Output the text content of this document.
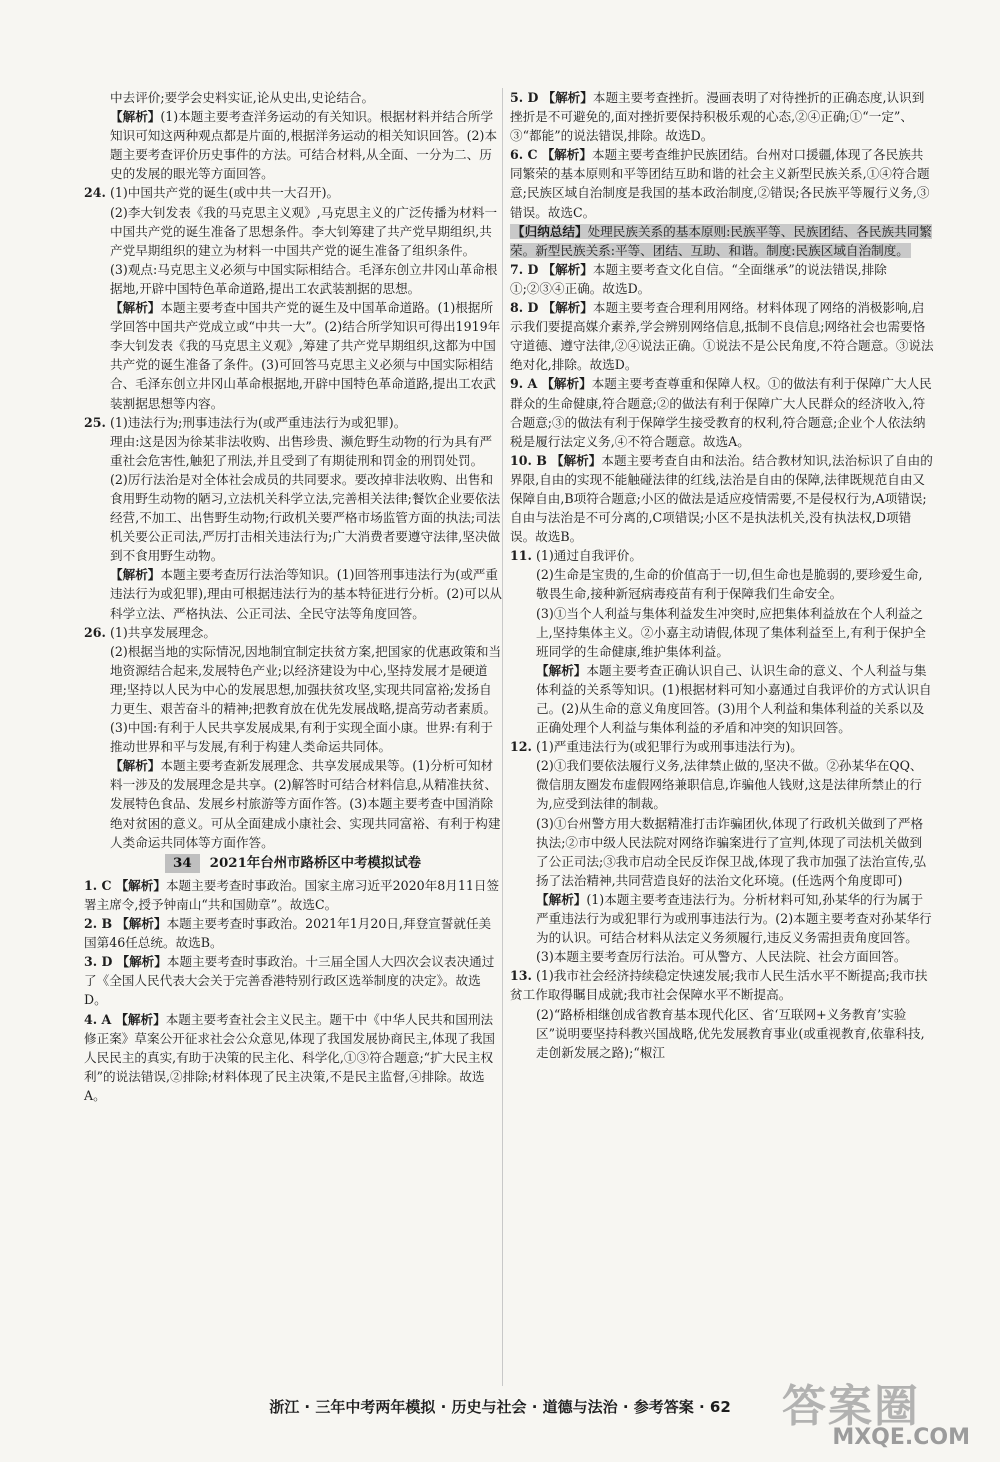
中去评价;要学会史料实证,论从史出,史论结合。

【解析】(1)本题主要考查洋务运动的有关知识。根据材料并结合所学知识可知这两种观点都是片面的,根据洋务运动的相关知识回答。(2)本题主要考查评价历史事件的方法。可结合材料,从全面、一分为二、历史的发展的眼光等方面回答。

24. (1)中国共产党的诞生(或中共一大召开)。

(2)李大钊发表《我的马克思主义观》,马克思主义的广泛传播为材料一中国共产党的诞生准备了思想条件。李大钊筹建了共产党早期组织,共产党早期组织的建立为材料一中国共产党的诞生准备了组织条件。

(3)观点:马克思主义必须与中国实际相结合。毛泽东创立井冈山革命根据地,开辟中国特色革命道路,提出工农武装割据的思想。

【解析】本题主要考查中国共产党的诞生及中国革命道路。(1)根据所学回答中国共产党成立或“中共一大”。(2)结合所学知识可得出1919年李大钊发表《我的马克思主义观》,筹建了共产党早期组织,这都为中国共产党的诞生准备了条件。(3)可回答马克思主义必须与中国实际相结合、毛泽东创立井冈山革命根据地,开辟中国特色革命道路,提出工农武装割据思想等内容。

25. (1)违法行为;刑事违法行为(或严重违法行为或犯罪)。

理由:这是因为徐某非法收购、出售珍贵、濒危野生动物的行为具有严重社会危害性,触犯了刑法,并且受到了有期徒刑和罚金的刑罚处罚。

(2)厉行法治是对全体社会成员的共同要求。要改掉非法收购、出售和食用野生动物的陋习,立法机关科学立法,完善相关法律;餐饮企业要依法经营,不加工、出售野生动物;行政机关要严格市场监管方面的执法;司法机关要公正司法,严厉打击相关违法行为;广大消费者要遵守法律,坚决做到不食用野生动物。

【解析】本题主要考查厉行法治等知识。(1)回答刑事违法行为(或严重违法行为或犯罪),理由可根据违法行为的基本特征进行分析。(2)可以从科学立法、严格执法、公正司法、全民守法等角度回答。

26. (1)共享发展理念。

(2)根据当地的实际情况,因地制宜制定扶贫方案,把国家的优惠政策和当地资源结合起来,发展特色产业;以经济建设为中心,坚持发展才是硬道理;坚持以人民为中心的发展思想,加强扶贫攻坚,实现共同富裕;发扬自力更生、艰苦奋斗的精神;把教育放在优先发展战略,提高劳动者素质。

(3)中国:有利于人民共享发展成果,有利于实现全面小康。世界:有利于推动世界和平与发展,有利于构建人类命运共同体。

【解析】本题主要考查新发展理念、共享发展成果等。(1)分析可知材料一涉及的发展理念是共享。(2)解答时可结合材料信息,从精准扶贫、发展特色食品、发展乡村旅游等方面作答。(3)本题主要考查中国消除绝对贫困的意义。可从全面建成小康社会、实现共同富裕、有利于构建人类命运共同体等方面作答。

34	2021年台州市路桥区中考模拟试卷

1. C 【解析】本题主要考查时事政治。国家主席习近平2020年8月11日签署主席令,授予钟南山“共和国勋章”。故选C。

2. B 【解析】本题主要考查时事政治。2021年1月20日,拜登宣誓就任美国第46任总统。故选B。

3. D 【解析】本题主要考查时事政治。十三届全国人大四次会议表决通过了《全国人民代表大会关于完善香港特别行政区选举制度的决定》。故选D。

4. A 【解析】本题主要考查社会主义民主。题干中《中华人民共和国刑法修正案》草案公开征求社会公众意见,体现了我国发展协商民主,体现了我国人民民主的真实,有助于决策的民主化、科学化,①③符合题意;“扩大民主权利”的说法错误,②排除;材料体现了民主决策,不是民主监督,④排除。故选A。

5. D 【解析】本题主要考查挫折。漫画表明了对待挫折的正确态度,认识到挫折是不可避免的,面对挫折要保持积极乐观的心态,②④正确;①“一定”、③“都能”的说法错误,排除。故选D。

6. C 【解析】本题主要考查维护民族团结。台州对口援疆,体现了各民族共同繁荣的基本原则和平等团结互助和谐的社会主义新型民族关系,①④符合题意;民族区域自治制度是我国的基本政治制度,②错误;各民族平等履行义务,③错误。故选C。

【归纳总结】处理民族关系的基本原则:民族平等、民族团结、各民族共同繁荣。新型民族关系:平等、团结、互助、和谐。制度:民族区域自治制度。

7. D 【解析】本题主要考查文化自信。“全面继承”的说法错误,排除①;②③④正确。故选D。

8. D 【解析】本题主要考查合理利用网络。材料体现了网络的消极影响,启示我们要提高媒介素养,学会辨别网络信息,抵制不良信息;网络社会也需要恪守道德、遵守法律,②④说法正确。①说法不是公民角度,不符合题意。③说法绝对化,排除。故选D。

9. A 【解析】本题主要考查尊重和保障人权。①的做法有利于保障广大人民群众的生命健康,符合题意;②的做法有利于保障广大人民群众的经济收入,符合题意;③的做法有利于保障学生接受教育的权利,符合题意;企业个人依法纳税是履行法定义务,④不符合题意。故选A。

10. B 【解析】本题主要考查自由和法治。结合教材知识,法治标识了自由的界限,自由的实现不能触碰法律的红线,法治是自由的保障,法律既规范自由又保障自由,B项符合题意;小区的做法是适应疫情需要,不是侵权行为,A项错误;自由与法治是不可分离的,C项错误;小区不是执法机关,没有执法权,D项错误。故选B。

11. (1)通过自我评价。

(2)生命是宝贵的,生命的价值高于一切,但生命也是脆弱的,要珍爱生命,敬畏生命,接种新冠病毒疫苗有利于保障我们生命安全。

(3)①当个人利益与集体利益发生冲突时,应把集体利益放在个人利益之上,坚持集体主义。②小嘉主动请假,体现了集体利益至上,有利于保护全班同学的生命健康,维护集体利益。

【解析】本题主要考查正确认识自己、认识生命的意义、个人利益与集体利益的关系等知识。(1)根据材料可知小嘉通过自我评价的方式认识自己。(2)从生命的意义角度回答。(3)用个人利益和集体利益的关系以及正确处理个人利益与集体利益的矛盾和冲突的知识回答。

12. (1)严重违法行为(或犯罪行为或刑事违法行为)。

(2)①我们要依法履行义务,法律禁止做的,坚决不做。②孙某华在QQ、微信朋友圈发布虚假网络兼职信息,诈骗他人钱财,这是法律所禁止的行为,应受到法律的制裁。

(3)①台州警方用大数据精准打击诈骗团伙,体现了行政机关做到了严格执法;②市中级人民法院对网络诈骗案进行了宣判,体现了司法机关做到了公正司法;③我市启动全民反诈保卫战,体现了我市加强了法治宣传,弘扬了法治精神,共同营造良好的法治文化环境。(任选两个角度即可)

【解析】(1)本题主要考查违法行为。分析材料可知,孙某华的行为属于严重违法行为或犯罪行为或刑事违法行为。(2)本题主要考查对孙某华行为的认识。可结合材料从法定义务须履行,违反义务需担责角度回答。(3)本题主要考查厉行法治。可从警方、人民法院、社会方面回答。

13. (1)我市社会经济持续稳定快速发展;我市人民生活水平不断提高;我市扶贫工作取得瞩目成就;我市社会保障水平不断提高。

(2)“路桥相继创成省教育基本现代化区、省‘互联网+义务教育’实验区”说明要坚持科教兴国战略,优先发展教育事业(或重视教育,依靠科技,走创新发展之路);“椒江

浙江 · 三年中考两年模拟 · 历史与社会 · 道德与法治 · 参考答案 · 62	答案圈
MXQE.COM
